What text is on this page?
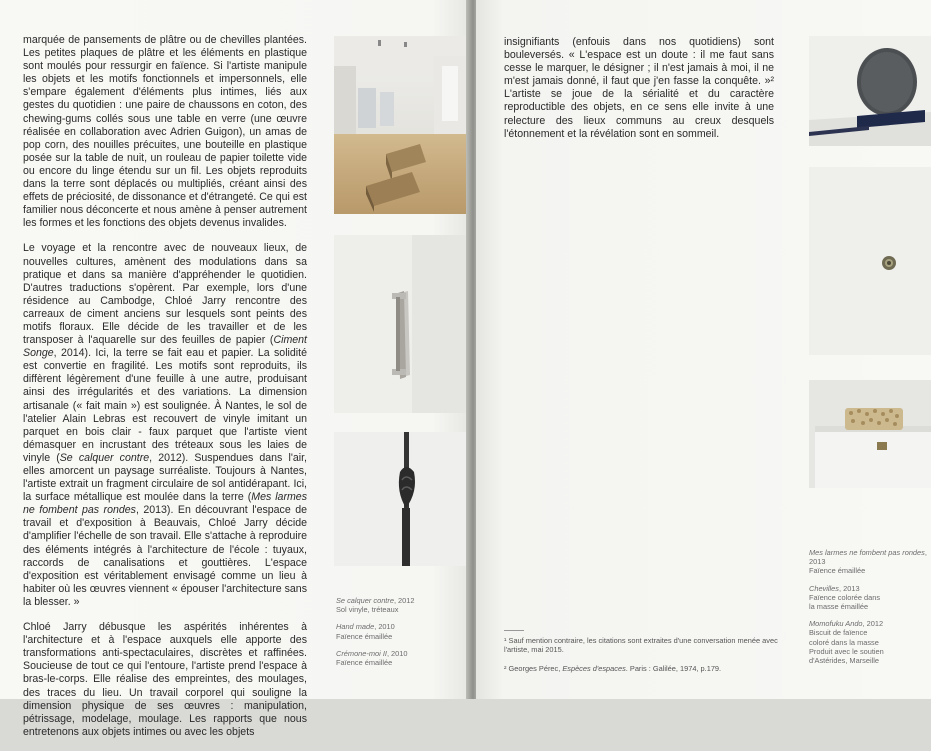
marquée de pansements de plâtre ou de chevilles plantées. Les petites plaques de plâtre et les éléments en plastique sont moulés pour ressurgir en faïence. Si l'artiste manipule les objets et les motifs fonctionnels et impersonnels, elle s'empare également d'éléments plus intimes, liés aux gestes du quotidien : une paire de chaussons en coton, des chewing-gums collés sous une table en verre (une œuvre réalisée en collaboration avec Adrien Guigon), un amas de pop corn, des nouilles précuites, une bouteille en plastique posée sur la table de nuit, un rouleau de papier toilette vide ou encore du linge étendu sur un fil. Les objets reproduits dans la terre sont déplacés ou multipliés, créant ainsi des effets de préciosité, de dissonance et d'étrangeté. Ce qui est familier nous déconcerte et nous amène à penser autrement les formes et les fonctions des objets devenus invalides.

Le voyage et la rencontre avec de nouveaux lieux, de nouvelles cultures, amènent des modulations dans sa pratique et dans sa manière d'appréhender le quotidien. D'autres traductions s'opèrent. Par exemple, lors d'une résidence au Cambodge, Chloé Jarry rencontre des carreaux de ciment anciens sur lesquels sont peints des motifs floraux. Elle décide de les travailler et de les transposer à l'aquarelle sur des feuilles de papier (Ciment Songe, 2014). Ici, la terre se fait eau et papier. La solidité est convertie en fragilité. Les motifs sont reproduits, ils diffèrent légèrement d'une feuille à une autre, produisant ainsi des irrégularités et des variations. La dimension artisanale (« fait main ») est soulignée. À Nantes, le sol de l'atelier Alain Lebras est recouvert de vinyle imitant un parquet en bois clair - faux parquet que l'artiste vient démasquer en incrustant des tréteaux sous les laies de vinyle (Se calquer contre, 2012). Suspendues dans l'air, elles amorcent un paysage surréaliste. Toujours à Nantes, l'artiste extrait un fragment circulaire de sol antidérapant. Ici, la surface métallique est moulée dans la terre (Mes larmes ne fombent pas rondes, 2013). En découvrant l'espace de travail et d'exposition à Beauvais, Chloé Jarry décide d'amplifier l'échelle de son travail. Elle s'attache à reproduire des éléments intégrés à l'architecture de l'école : tuyaux, raccords de canalisations et gouttières. L'espace d'exposition est véritablement envisagé comme un lieu à habiter où les œuvres viennent « épouser l'architecture sans la blesser. »

Chloé Jarry débusque les aspérités inhérentes à l'architecture et à l'espace auxquels elle apporte des transformations anti-spectaculaires, discrètes et raffinées. Soucieuse de tout ce qui l'entoure, l'artiste prend l'espace à bras-le-corps. Elle réalise des empreintes, des moulages, des traces du lieu. Un travail corporel qui souligne la dimension physique de ses œuvres : manipulation, pétrissage, modelage, moulage. Les rapports que nous entretenons aux objets intimes ou avec les objets

Se calquer contre, 2012
Sol vinyle, tréteaux
Hand made, 2010
Faïence émaillée
Crémone-moi II, 2010
Faïence émaillée

insignifiants (enfouis dans nos quotidiens) sont bouleversés. « L'espace est un doute : il me faut sans cesse le marquer, le désigner ; il n'est jamais à moi, il ne m'est jamais donné, il faut que j'en fasse la conquête. »² L'artiste se joue de la sérialité et du caractère reproductible des objets, en ce sens elle invite à une relecture des lieux communs au creux desquels l'étonnement et la révélation sont en sommeil.

Mes larmes ne fombent pas rondes, 2013
Faïence émaillée
Chevilles, 2013
Faïence colorée dans
la masse émaillée
Momofuku Ando, 2012
Biscuit de faïence
coloré dans la masse
Produit avec le soutien
d'Astérides, Marseille

¹ Sauf mention contraire, les citations sont extraites d'une conversation menée avec l'artiste, mai 2015.

² Georges Pérec, Espèces d'espaces. Paris : Galilée, 1974, p.179.
